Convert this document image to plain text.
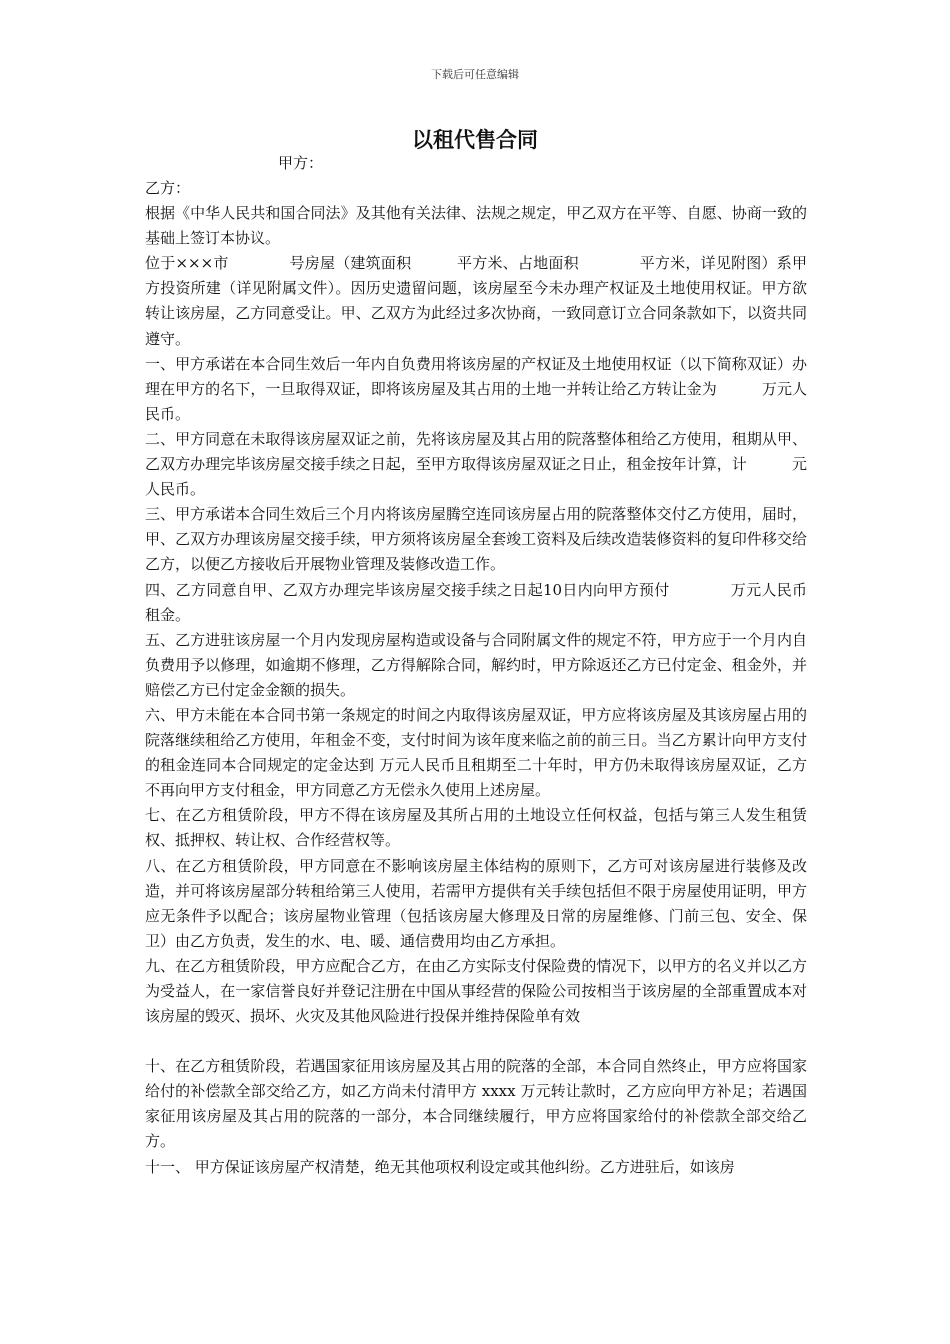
下载后可任意编辑
以租代售合同
甲方：

乙方：

根据《中华人民共和国合同法》及其他有关法律、法规之规定，甲乙双方在平等、自愿、协商一致的基础上签订本协议。

位于×××市　　　　号房屋（建筑面积　　　平方米、占地面积　　　　平方米，详见附图）系甲方投资所建（详见附属文件）。因历史遗留问题，该房屋至今未办理产权证及土地使用权证。甲方欲转让该房屋，乙方同意受让。甲、乙双方为此经过多次协商，一致同意订立合同条款如下，以资共同遵守。

一、甲方承诺在本合同生效后一年内自负费用将该房屋的产权证及土地使用权证（以下简称双证）办理在甲方的名下，一旦取得双证，即将该房屋及其占用的土地一并转让给乙方转让金为　　　万元人民币。

二、甲方同意在未取得该房屋双证之前，先将该房屋及其占用的院落整体租给乙方使用，租期从甲、乙双方办理完毕该房屋交接手续之日起，至甲方取得该房屋双证之日止，租金按年计算，计　　　元人民币。

三、甲方承诺本合同生效后三个月内将该房屋腾空连同该房屋占用的院落整体交付乙方使用，届时，甲、乙双方办理该房屋交接手续，甲方须将该房屋全套竣工资料及后续改造装修资料的复印件移交给乙方，以便乙方接收后开展物业管理及装修改造工作。

四、乙方同意自甲、乙双方办理完毕该房屋交接手续之日起10日内向甲方预付　　　　万元人民币租金。

五、乙方进驻该房屋一个月内发现房屋构造或设备与合同附属文件的规定不符，甲方应于一个月内自负费用予以修理，如逾期不修理，乙方得解除合同，解约时，甲方除返还乙方已付定金、租金外，并赔偿乙方已付定金金额的损失。

六、甲方未能在本合同书第一条规定的时间之内取得该房屋双证，甲方应将该房屋及其该房屋占用的院落继续租给乙方使用，年租金不变，支付时间为该年度来临之前的前三日。当乙方累计向甲方支付的租金连同本合同规定的定金达到 万元人民币且租期至二十年时，甲方仍未取得该房屋双证，乙方不再向甲方支付租金，甲方同意乙方无偿永久使用上述房屋。

七、在乙方租赁阶段，甲方不得在该房屋及其所占用的土地设立任何权益，包括与第三人发生租赁权、抵押权、转让权、合作经营权等。

八、在乙方租赁阶段，甲方同意在不影响该房屋主体结构的原则下，乙方可对该房屋进行装修及改造，并可将该房屋部分转租给第三人使用，若需甲方提供有关手续包括但不限于房屋使用证明，甲方应无条件予以配合；该房屋物业管理（包括该房屋大修理及日常的房屋维修、门前三包、安全、保卫）由乙方负责，发生的水、电、暖、通信费用均由乙方承担。

九、在乙方租赁阶段，甲方应配合乙方，在由乙方实际支付保险费的情况下，以甲方的名义并以乙方为受益人，在一家信誉良好并登记注册在中国从事经营的保险公司按相当于该房屋的全部重置成本对该房屋的毁灭、损坏、火灾及其他风险进行投保并维持保险单有效

十、在乙方租赁阶段，若遇国家征用该房屋及其占用的院落的全部，本合同自然终止，甲方应将国家给付的补偿款全部交给乙方，如乙方尚未付清甲方 xxxx 万元转让款时，乙方应向甲方补足；若遇国家征用该房屋及其占用的院落的一部分，本合同继续履行，甲方应将国家给付的补偿款全部交给乙方。

十一、 甲方保证该房屋产权清楚，绝无其他项权利设定或其他纠纷。乙方进驻后，如该房
